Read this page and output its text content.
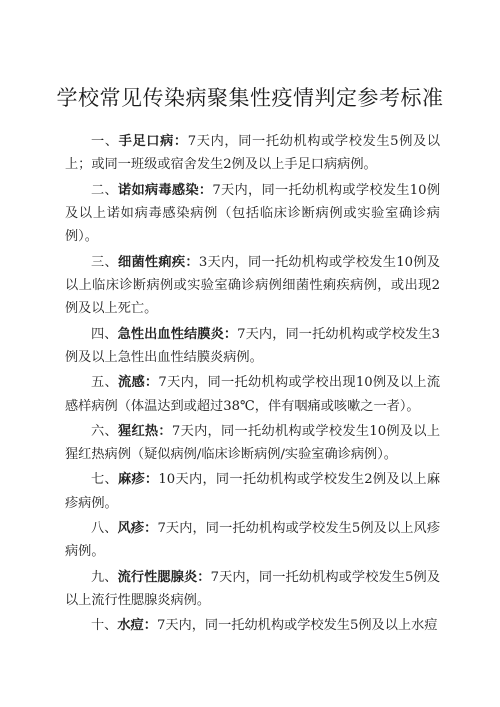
学校常见传染病聚集性疫情判定参考标准

一、手足口病：7天内，同一托幼机构或学校发生5例及以上；或同一班级或宿舍发生2例及以上手足口病病例。

二、诺如病毒感染：7天内，同一托幼机构或学校发生10例及以上诺如病毒感染病例（包括临床诊断病例或实验室确诊病例）。

三、细菌性痢疾：3天内，同一托幼机构或学校发生10例及以上临床诊断病例或实验室确诊病例细菌性痢疾病例，或出现2例及以上死亡。

四、急性出血性结膜炎：7天内，同一托幼机构或学校发生3例及以上急性出血性结膜炎病例。

五、流感：7天内，同一托幼机构或学校出现10例及以上流感样病例（体温达到或超过38℃，伴有咽痛或咳嗽之一者）。

六、猩红热：7天内，同一托幼机构或学校发生10例及以上猩红热病例（疑似病例/临床诊断病例/实验室确诊病例）。

七、麻疹：10天内，同一托幼机构或学校发生2例及以上麻疹病例。

八、风疹：7天内，同一托幼机构或学校发生5例及以上风疹病例。

九、流行性腮腺炎：7天内，同一托幼机构或学校发生5例及以上流行性腮腺炎病例。

十、水痘：7天内，同一托幼机构或学校发生5例及以上水痘
